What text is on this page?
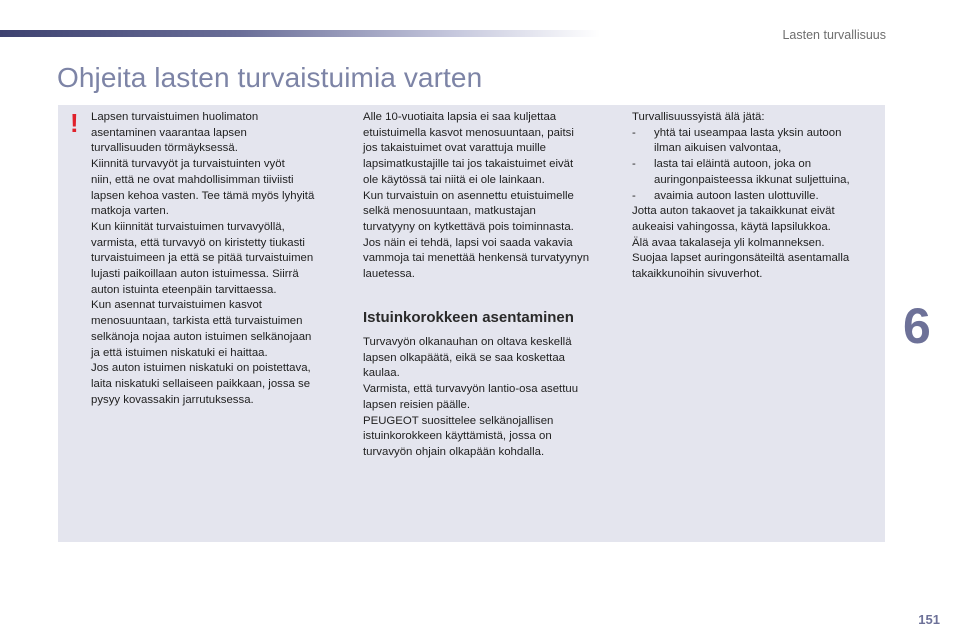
Lasten turvallisuus
Ohjeita lasten turvaistuimia varten
! Lapsen turvaistuimen huolimaton

asentaminen vaarantaa lapsen

turvallisuuden törmäyksessä.

Kiinnitä turvavyöt ja turvaistuinten vyöt

niin, että ne ovat mahdollisimman tiiviisti

lapsen kehoa vasten. Tee tämä myös lyhyitä

matkoja varten.

Kun kiinnität turvaistuimen turvavyöllä,

varmista, että turvavyö on kiristetty tiukasti

turvaistuimeen ja että se pitää turvaistuimen

lujasti paikoillaan auton istuimessa. Siirrä

auton istuinta eteenpäin tarvittaessa.

Kun asennat turvaistuimen kasvot

menosuuntaan, tarkista että turvaistuimen

selkänoja nojaa auton istuimen selkänojaan

ja että istuimen niskatuki ei haittaa.

Jos auton istuimen niskatuki on poistettava,

laita niskatuki sellaiseen paikkaan, jossa se

pysyy kovassakin jarrutuksessa.

Alle 10-vuotiaita lapsia ei saa kuljettaa

etuistuimella kasvot menosuuntaan, paitsi

jos takaistuimet ovat varattuja muille

lapsimatkustajille tai jos takaistuimet eivät

ole käytössä tai niitä ei ole lainkaan.

Kun turvaistuin on asennettu etuistuimelle

selkä menosuuntaan, matkustajan

turvatyyny on kytkettävä pois toiminnasta.

Jos näin ei tehdä, lapsi voi saada vakavia

vammoja tai menettää henkensä turvatyynyn

lauetessa.

Istuinkorokkeen asentaminen

Turvavyön olkanauhan on oltava keskellä

lapsen olkapäätä, eikä se saa koskettaa

kaulaa.

Varmista, että turvavyön lantio-osa asettuu

lapsen reisien päälle.

PEUGEOT suosittelee selkänojallisen

istuinkorokkeen käyttämistä, jossa on

turvavyön ohjain olkapään kohdalla.

Turvallisuussyistä älä jätä:

-	yhtä tai useampaa lasta yksin autoon

ilman aikuisen valvontaa,

-	lasta tai eläintä autoon, joka on

auringonpaisteessa ikkunat suljettuina,

-	avaimia autoon lasten ulottuville.

Jotta auton takaovet ja takaikkunat eivät

aukeaisi vahingossa, käytä lapsilukkoa.

Älä avaa takalaseja yli kolmanneksen.

Suojaa lapset auringonsäteiltä asentamalla

takaikkunoihin sivuverhot.

6
151
